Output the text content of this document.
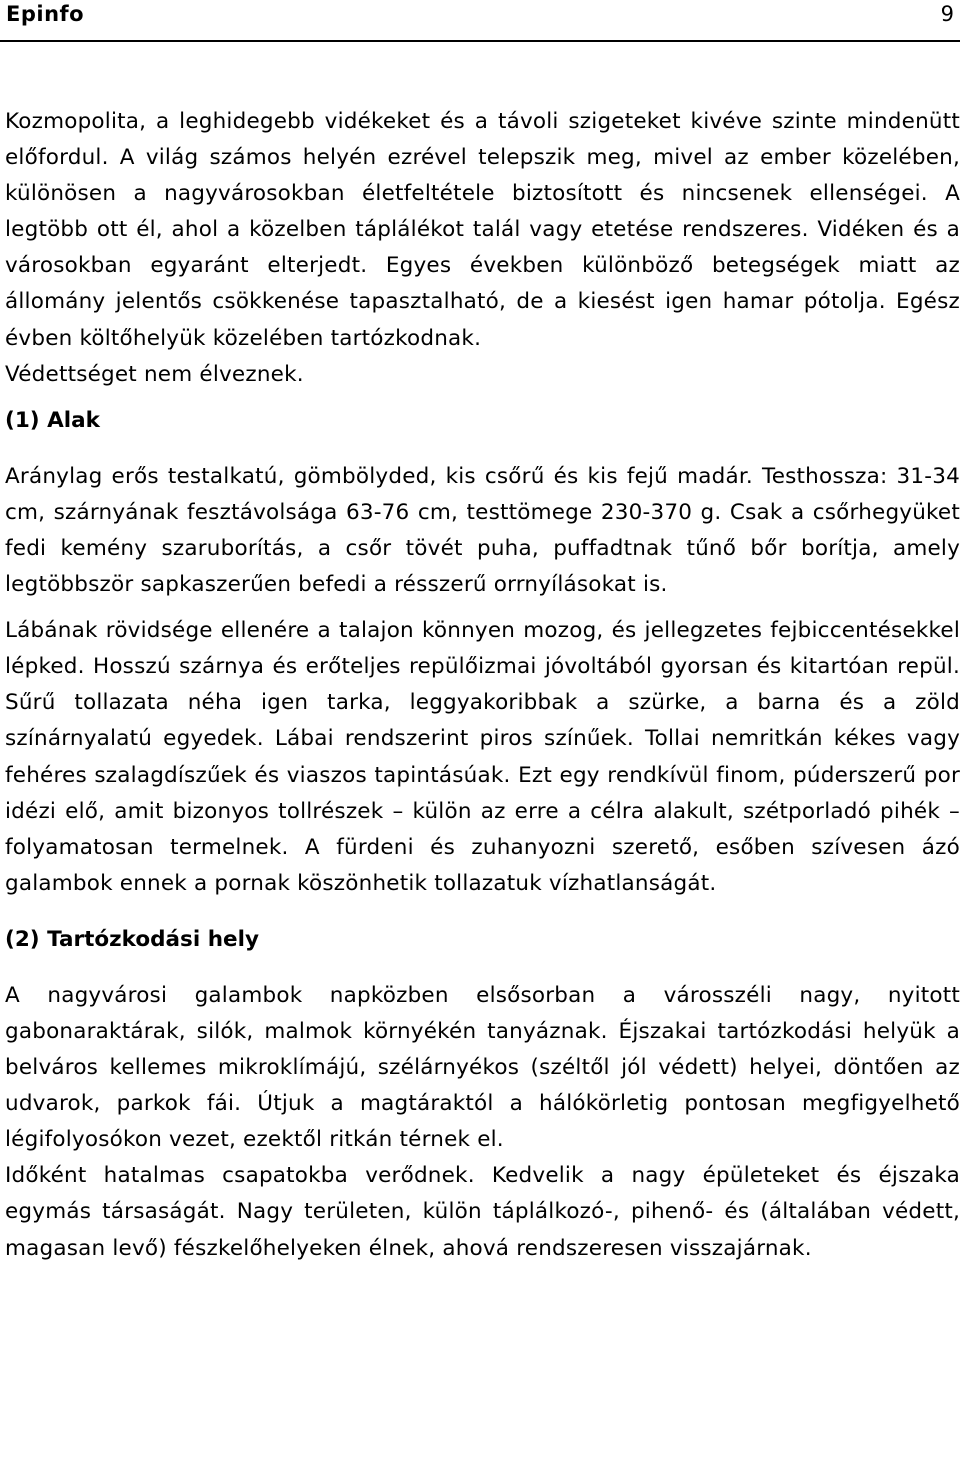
Epinfo	9

Kozmopolita, a leghidegebb vidékeket és a távoli szigeteket kivéve szinte mindenütt előfordul. A világ számos helyén ezrével telepszik meg, mivel az ember közelében, különösen a nagyvárosokban életfeltétele biztosított és nincsenek ellenségei. A legtöbb ott él, ahol a közelben táplálékot talál vagy etetése rendszeres. Vidéken és a városokban egyaránt elterjedt. Egyes években különböző betegségek miatt az állomány jelentős csökkenése tapasztalható, de a kiesést igen hamar pótolja. Egész évben költőhelyük közelében tartózkodnak.

Védettséget nem élveznek.

(1) Alak

Aránylag erős testalkatú, gömbölyded, kis csőrű és kis fejű madár. Testhossza: 31-34 cm, szárnyának fesztávolsága 63-76 cm, testtömege 230-370 g. Csak a csőrhegyüket fedi kemény szaruborítás, a csőr tövét puha, puffadtnak tűnő bőr borítja, amely legtöbbször sapkaszerűen befedi a résszerű orrnyílásokat is.

Lábának rövidsége ellenére a talajon könnyen mozog, és jellegzetes fejbiccentésekkel lépked. Hosszú szárnya és erőteljes repülőizmai jóvoltából gyorsan és kitartóan repül. Sűrű tollazata néha igen tarka, leggyakoribbak a szürke, a barna és a zöld színárnyalatú egyedek. Lábai rendszerint piros színűek. Tollai nemritkán kékes vagy fehéres szalagdíszűek és viaszos tapintásúak. Ezt egy rendkívül finom, púderszerű por idézi elő, amit bizonyos tollrészek – külön az erre a célra alakult, szétporladó pihék – folyamatosan termelnek. A fürdeni és zuhanyozni szerető, esőben szívesen ázó galambok ennek a pornak köszönhetik tollazatuk vízhatlanságát.

(2) Tartózkodási hely

A nagyvárosi galambok napközben elsősorban a városszéli nagy, nyitott gabonaraktárak, silók, malmok környékén tanyáznak. Éjszakai tartózkodási helyük a belváros kellemes mikroklímájú, szélárnyékos (széltől jól védett) helyei, döntően az udvarok, parkok fái. Útjuk a magtáraktól a hálókörletig pontosan megfigyelhető légifolyosókon vezet, ezektől ritkán térnek el.

Időként hatalmas csapatokba verődnek. Kedvelik a nagy épületeket és éjszaka egymás társaságát. Nagy területen, külön táplálkozó-, pihenő- és (általában védett, magasan levő) fészkelőhelyeken élnek, ahová rendszeresen visszajárnak.
